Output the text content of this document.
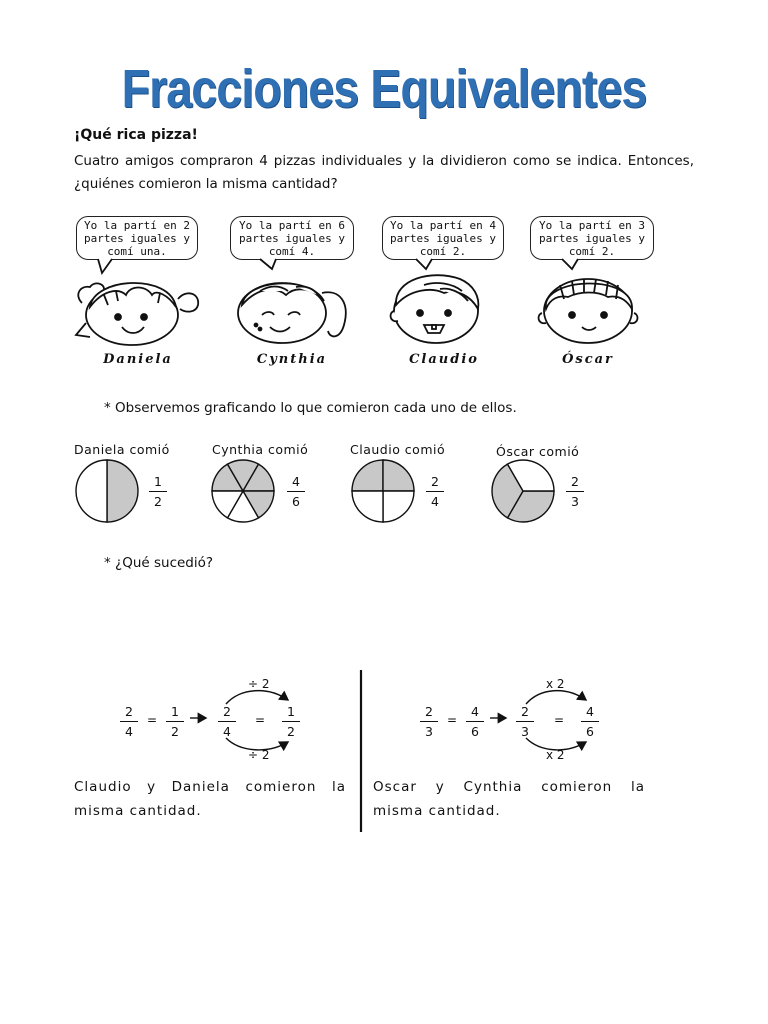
Fracciones Equivalentes
¡Qué rica pizza!
Cuatro amigos compraron 4 pizzas individuales y la dividieron como se indica. Entonces, ¿quiénes comieron la misma cantidad?
Yo la partí en 2 partes iguales y comí una.
Yo la partí en 6 partes iguales y comí 4.
Yo la partí en 4 partes iguales y comí 2.
Yo la partí en 3 partes iguales y comí 2.
Daniela	Cynthia	Claudio	Óscar
* Observemos graficando lo que comieron cada uno de ellos.
Daniela comió	Cynthia comió	Claudio comió	Óscar comió
$\frac{1}{2}$	$\frac{4}{6}$	$\frac{2}{4}$	$\frac{2}{3}$
* ¿Qué sucedió?
$\frac{2}{4} = \frac{1}{2}$	$\frac{2}{4} = \frac{1}{2}$
÷ 2
÷ 2
$\frac{2}{3} = \frac{4}{6}$	$\frac{2}{3} = \frac{4}{6}$
x 2
x 2
Claudio y Daniela comieron la misma cantidad.
Oscar y Cynthia comieron la misma cantidad.
